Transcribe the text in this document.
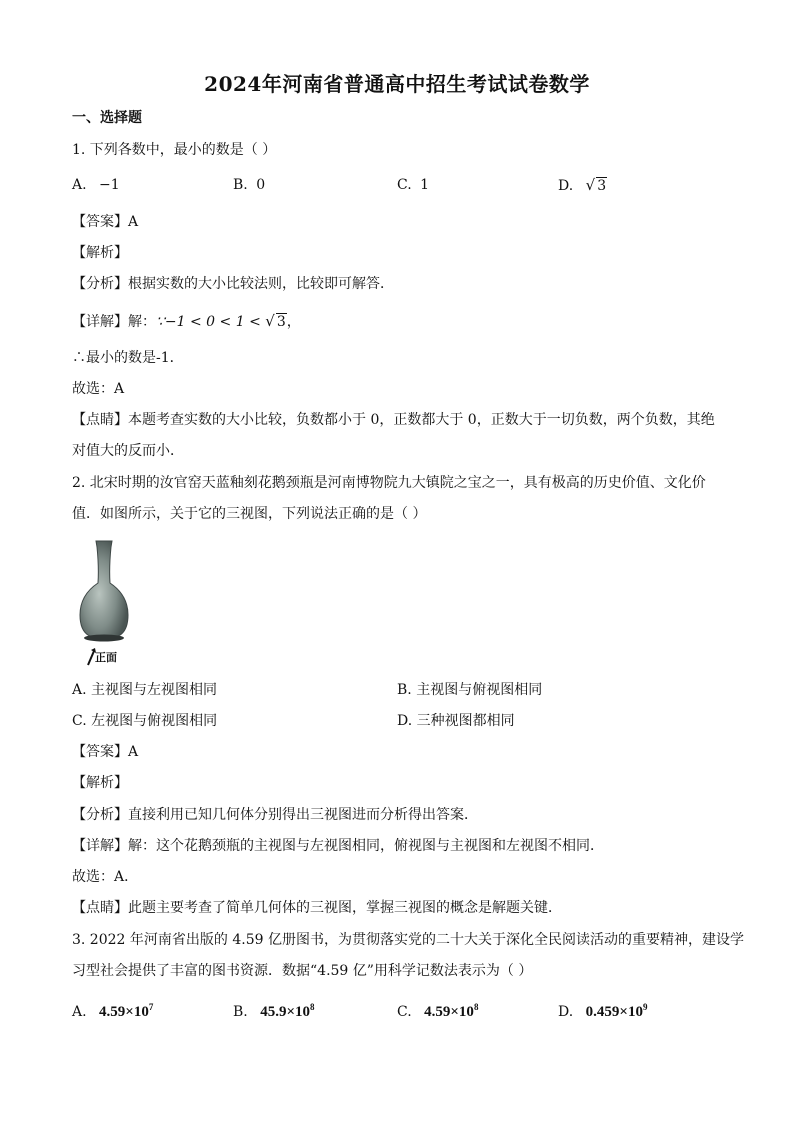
2024年河南省普通高中招生考试试卷数学
一、选择题
1. 下列各数中，最小的数是（ ）
A. −1	B. 0	C. 1	D. √ 3
【答案】A
【解析】
【分析】根据实数的大小比较法则，比较即可解答．
【详解】解：∵−1 < 0 < 1 < √ 3，
∴最小的数是-1．
故选：A
【点睛】本题考查实数的大小比较，负数都小于 0，正数都大于 0，正数大于一切负数，两个负数，其绝
对值大的反而小．
2. 北宋时期的汝官窑天蓝釉刻花鹅颈瓶是河南博物院九大镇院之宝之一，具有极高的历史价值、文化价
值．如图所示，关于它的三视图，下列说法正确的是（ ）
正面
A. 主视图与左视图相同	B. 主视图与俯视图相同
C. 左视图与俯视图相同	D. 三种视图都相同
【答案】A
【解析】
【分析】直接利用已知几何体分别得出三视图进而分析得出答案．
【详解】解：这个花鹅颈瓶的主视图与左视图相同，俯视图与主视图和左视图不相同．
故选：A．
【点睛】此题主要考查了简单几何体的三视图，掌握三视图的概念是解题关键．
3. 2022 年河南省出版的 4.59 亿册图书，为贯彻落实党的二十大关于深化全民阅读活动的重要精神，建设学
习型社会提供了丰富的图书资源．数据“4.59 亿”用科学记数法表示为（ ）
A. $4.59\times 10^7$	B. $45.9\times 10^8$	C. $4.59\times 10^8$	D. $0.459\times 10^9$
